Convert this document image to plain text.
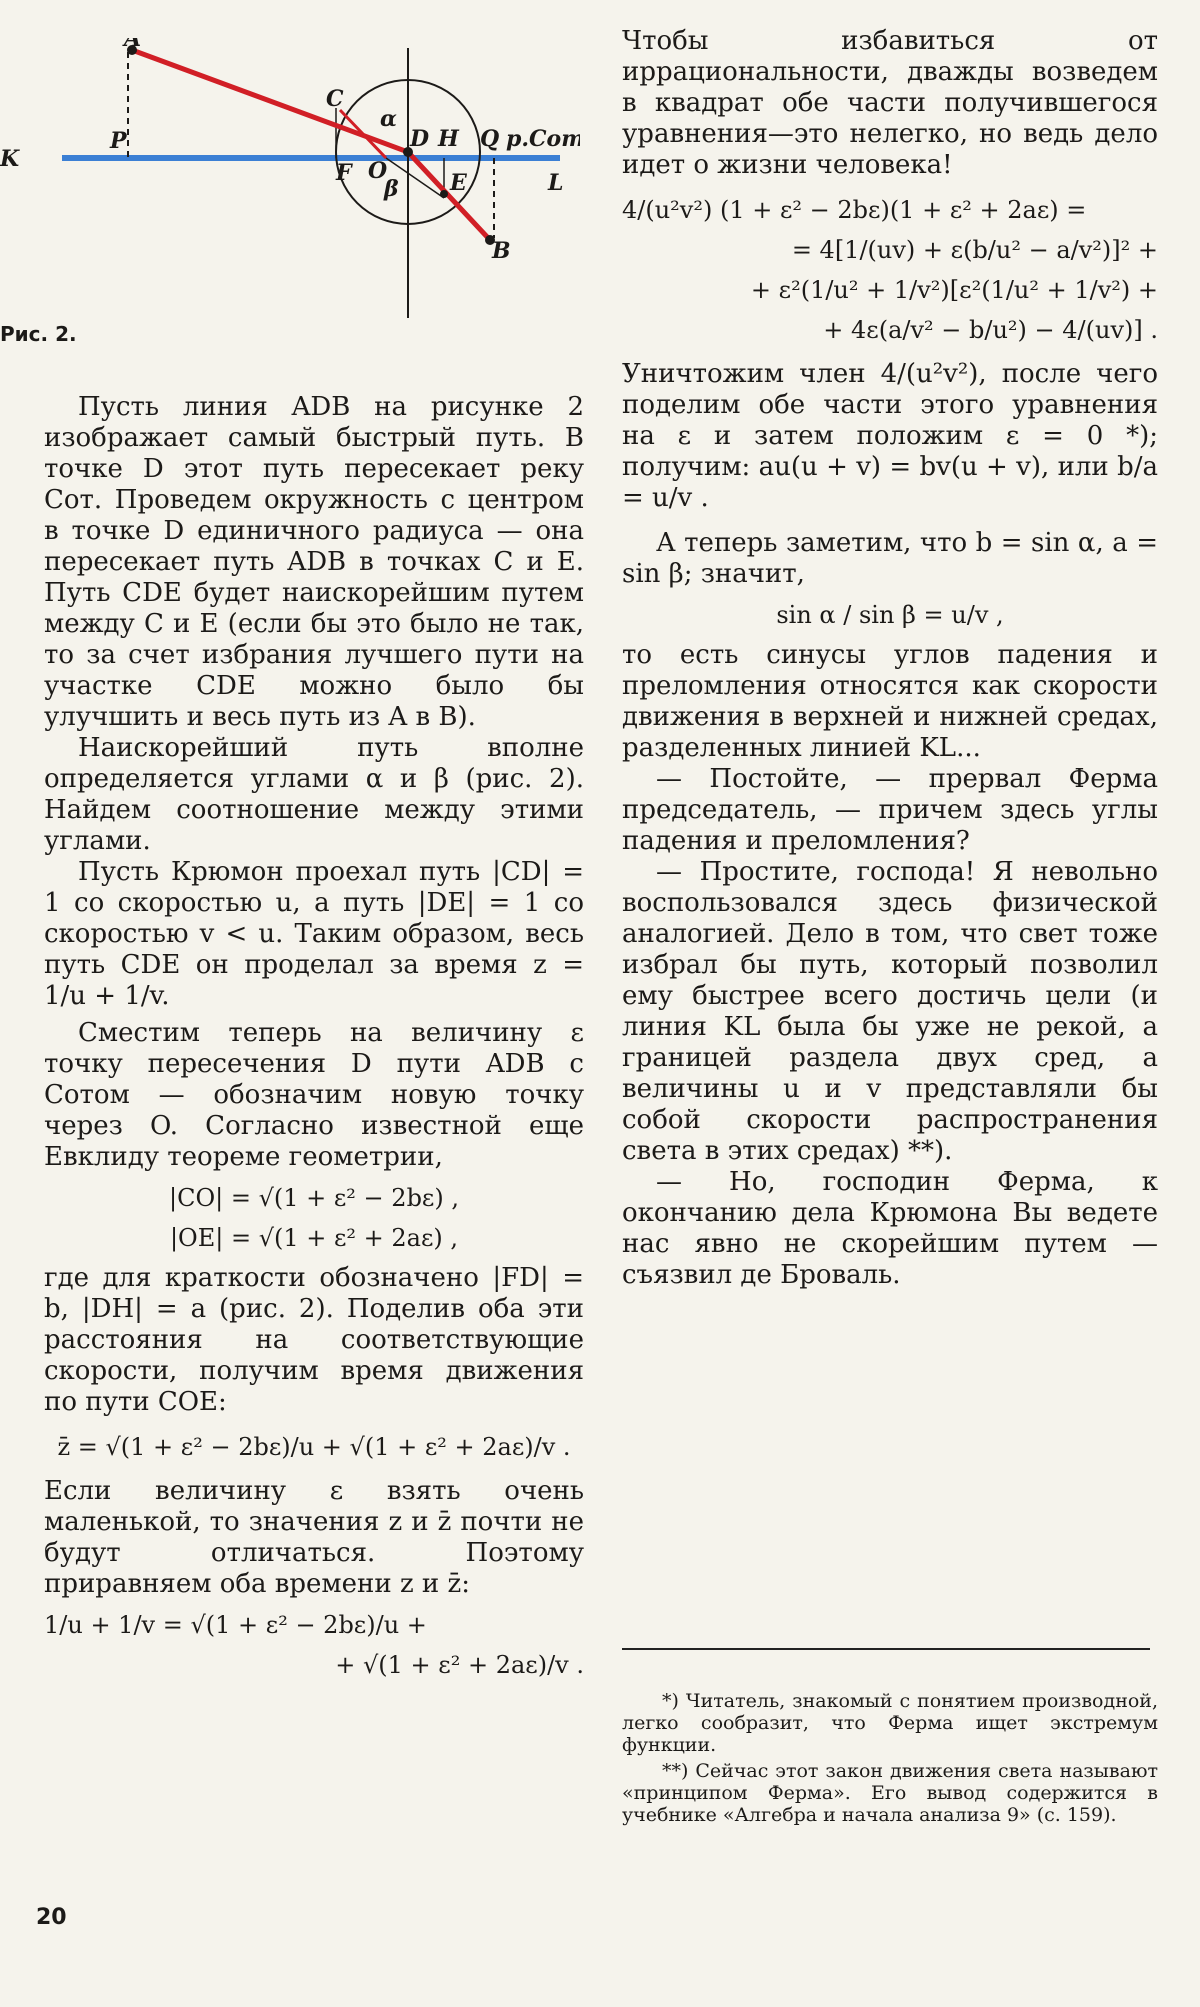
A
B
C
D
E
F
H
O
P	Q
K
L
р.Сот
α
β
Рис. 2.

Пусть линия ADB на рисунке 2 изображает самый быстрый путь. В точке D этот путь пересекает реку Сот. Проведем окружность с центром в точке D единичного радиуса — она пересекает путь ADB в точках C и E. Путь CDE будет наискорейшим путем между C и E (если бы это было не так, то за счет избрания лучшего пути на участке CDE можно было бы улучшить и весь путь из A в B).

Наискорейший путь вполне определяется углами α и β (рис. 2). Найдем соотношение между этими углами.

Пусть Крюмон проехал путь |CD| = 1 со скоростью u, а путь |DE| = 1 со скоростью v < u. Таким образом, весь путь CDE он проделал за время z = 1/u + 1/v.

Сместим теперь на величину ε точку пересечения D пути ADB с Сотом — обозначим новую точку через O. Согласно известной еще Евклиду теореме геометрии,

|CO| = √(1 + ε² − 2bε) ,
|OE| = √(1 + ε² + 2aε) ,

где для краткости обозначено |FD| = b, |DH| = a (рис. 2). Поделив оба эти расстояния на соответствующие скорости, получим время движения по пути COE:

z̄ = √(1 + ε² − 2bε)/u + √(1 + ε² + 2aε)/v .

Если величину ε взять очень маленькой, то значения z и z̄ почти не будут отличаться. Поэтому приравняем оба времени z и z̄:

1/u + 1/v = √(1 + ε² − 2bε)/u +
+ √(1 + ε² + 2aε)/v .

Чтобы избавиться от иррациональности, дважды возведем в квадрат обе части получившегося уравнения—это нелегко, но ведь дело идет о жизни человека!

4/(u²v²) (1 + ε² − 2bε)(1 + ε² + 2aε) =
= 4[1/(uv) + ε(b/u² − a/v²)]² +
+ ε²(1/u² + 1/v²)[ε²(1/u² + 1/v²) +
+ 4ε(a/v² − b/u²) − 4/(uv)] .

Уничтожим член 4/(u²v²), после чего поделим обе части этого уравнения на ε и затем положим ε = 0 *); получим: au(u + v) = bv(u + v), или b/a = u/v .

А теперь заметим, что b = sin α, a = sin β; значит,

sin α / sin β = u/v ,

то есть синусы углов падения и преломления относятся как скорости движения в верхней и нижней средах, разделенных линией KL...

— Постойте, — прервал Ферма председатель, — причем здесь углы падения и преломления?

— Простите, господа! Я невольно воспользовался здесь физической аналогией. Дело в том, что свет тоже избрал бы путь, который позволил ему быстрее всего достичь цели (и линия KL была бы уже не рекой, а границей раздела двух сред, а величины u и v представляли бы собой скорости распространения света в этих средах) **).

— Но, господин Ферма, к окончанию дела Крюмона Вы ведете нас явно не скорейшим путем — съязвил де Броваль.

*) Читатель, знакомый с понятием производной, легко сообразит, что Ферма ищет экстремум функции.

**) Сейчас этот закон движения света называют «принципом Ферма». Его вывод содержится в учебнике «Алгебра и начала анализа 9» (с. 159).

20
